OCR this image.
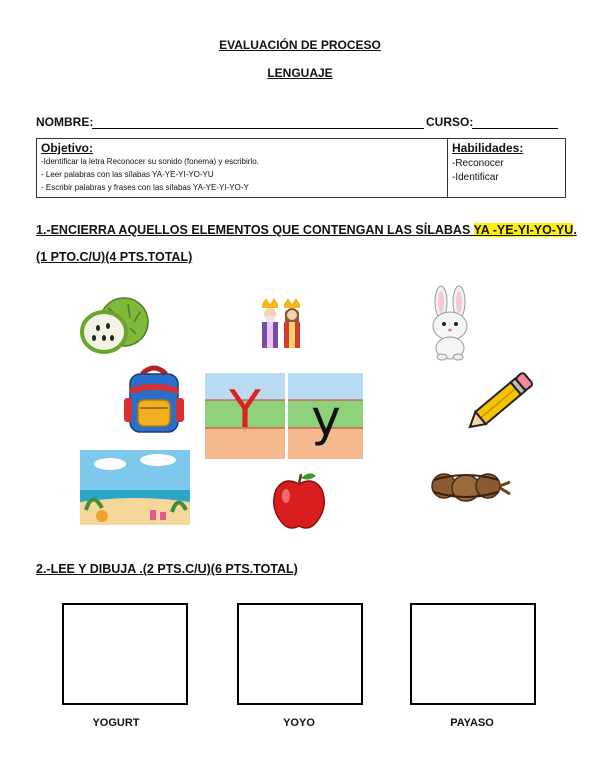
EVALUACIÓN DE PROCESO
LENGUAJE
NOMBRE:	CURSO:
Objetivo:
-Identificar la letra Reconocer su sonido (fonema) y escribirlo.
- Leer palabras con las sílabas YA-YE-YI-YO-YU
- Escribir palabras y frases con las sílabas YA-YE-YI-YO-Y
Habilidades:
-Reconocer
-Identificar
1.-ENCIERRA AQUELLOS ELEMENTOS QUE CONTENGAN LAS SÍLABAS YA -YE-YI-YO-YU.
(1 PTO.C/U)(4 PTS.TOTAL)
Y y
2.-LEE Y DIBUJA .(2 PTS.C/U)(6 PTS.TOTAL)
YOGURT	YOYO	PAYASO
